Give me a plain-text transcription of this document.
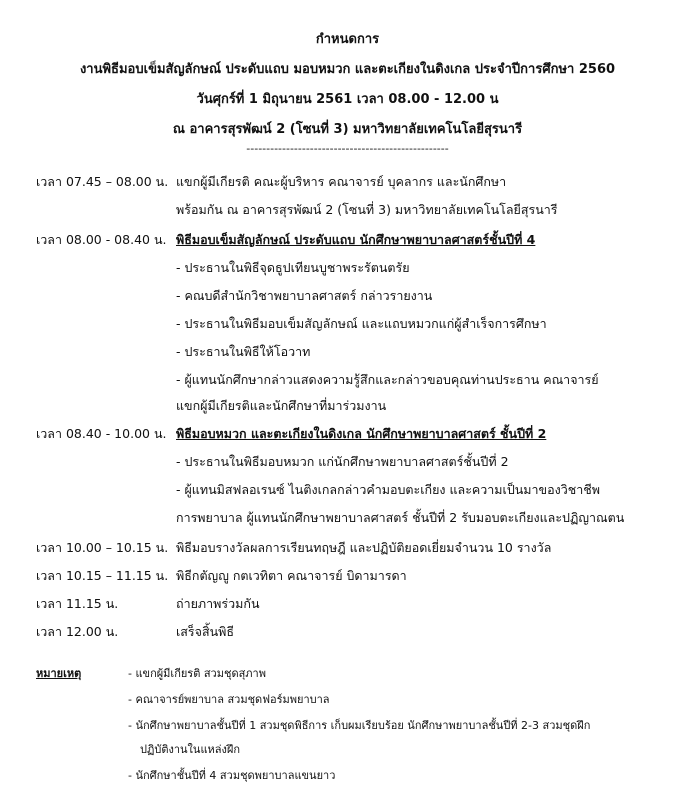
กำหนดการ
งานพิธีมอบเข็มสัญลักษณ์ ประดับแถบ มอบหมวก และตะเกียงในดิงเกล ประจำปีการศึกษา 2560
วันศุกร์ที่ 1 มิถุนายน 2561 เวลา 08.00 - 12.00 น
ณ อาคารสุรพัฒน์ 2 (โซนที่ 3) มหาวิทยาลัยเทคโนโลยีสุรนารี
---------------------------------------------------
เวลา 07.45 – 08.00 น. แขกผู้มีเกียรติ คณะผู้บริหาร คณาจารย์ บุคลากร และนักศึกษา
พร้อมกัน ณ อาคารสุรพัฒน์ 2 (โซนที่ 3) มหาวิทยาลัยเทคโนโลยีสุรนารี
เวลา 08.00 - 08.40 น. พิธีมอบเข็มสัญลักษณ์ ประดับแถบ นักศึกษาพยาบาลศาสตร์ชั้นปีที่ 4
- ประธานในพิธีจุดธูปเทียนบูชาพระรัตนตรัย
- คณบดีสำนักวิชาพยาบาลศาสตร์ กล่าวรายงาน
- ประธานในพิธีมอบเข็มสัญลักษณ์ และแถบหมวกแก่ผู้สำเร็จการศึกษา
- ประธานในพิธีให้โอวาท
- ผู้แทนนักศึกษากล่าวแสดงความรู้สึกและกล่าวขอบคุณท่านประธาน คณาจารย์
แขกผู้มีเกียรติและนักศึกษาที่มาร่วมงาน
เวลา 08.40 - 10.00 น. พิธีมอบหมวก และตะเกียงในดิงเกล นักศึกษาพยาบาลศาสตร์ ชั้นปีที่ 2
- ประธานในพิธีมอบหมวก แก่นักศึกษาพยาบาลศาสตร์ชั้นปีที่ 2
- ผู้แทนมิสฟลอเรนซ์ ไนติงเกลกล่าวคำมอบตะเกียง และความเป็นมาของวิชาชีพ
การพยาบาล ผู้แทนนักศึกษาพยาบาลศาสตร์ ชั้นปีที่ 2 รับมอบตะเกียงและปฏิญาณตน
เวลา 10.00 – 10.15 น. พิธีมอบรางวัลผลการเรียนทฤษฎี และปฏิบัติยอดเยี่ยมจำนวน 10 รางวัล
เวลา 10.15 – 11.15 น. พิธีกตัญญู กตเวทิตา คณาจารย์ บิดามารดา
เวลา 11.15 น.	ถ่ายภาพร่วมกัน
เวลา 12.00 น.	เสร็จสิ้นพิธี
หมายเหตุ	- แขกผู้มีเกียรติ สวมชุดสุภาพ
- คณาจารย์พยาบาล สวมชุดฟอร์มพยาบาล
- นักศึกษาพยาบาลชั้นปีที่ 1 สวมชุดพิธีการ เก็บผมเรียบร้อย นักศึกษาพยาบาลชั้นปีที่ 2-3 สวมชุดฝึก
ปฏิบัติงานในแหล่งฝึก
- นักศึกษาชั้นปีที่ 4 สวมชุดพยาบาลแขนยาว
